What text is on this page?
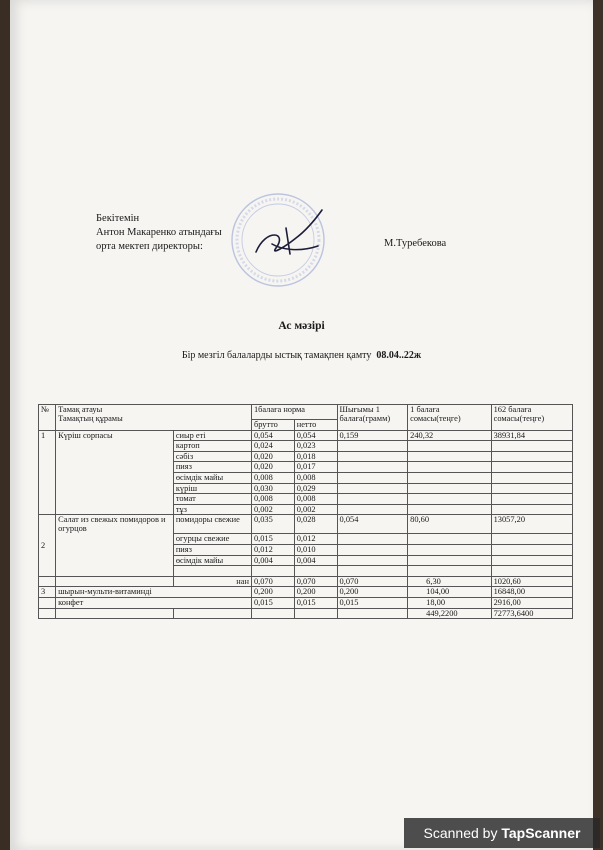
Бекітемін
Антон Макаренко атындағы
орта мектеп директоры:	М.Туребекова
Ас мәзірі
Бір мезгіл балаларды ыстық тамақпен қамту 08.04..22ж
№	Тамақ атауы
Тамақтың құрамы		1балаға норма		Шығымы 1 балаға(грамм)	1 балаға сомасы(теңге)	162 балаға сомасы(теңге)
			брутто	нетто			
1	Күріш сорпасы	сиыр еті	0,054	0,054	0,159	240,32	38931,84
		картоп	0,024	0,023			
		сәбіз	0,020	0,018			
		пияз	0,020	0,017			
		өсімдік майы	0,008	0,008			
		күріш	0,030	0,029			
		томат	0,008	0,008			
		тұз	0,002	0,002			
2	Салат из свежых помидоров и огурцов	помидоры свежие	0,035	0,028	0,054	80,60	13057,20
		огурцы свежие	0,015	0,012			
		пияз	0,012	0,010			
		өсімдік майы	0,004	0,004			

		нан	0,070	0,070	0,070	6,30	1020,60
3	шырын-мульти-витаминді		0,200	0,200	0,200	104,00	16848,00
	конфет		0,015	0,015	0,015	18,00	2916,00
						449,2200	72773,6400
Scanned by TapScanner
